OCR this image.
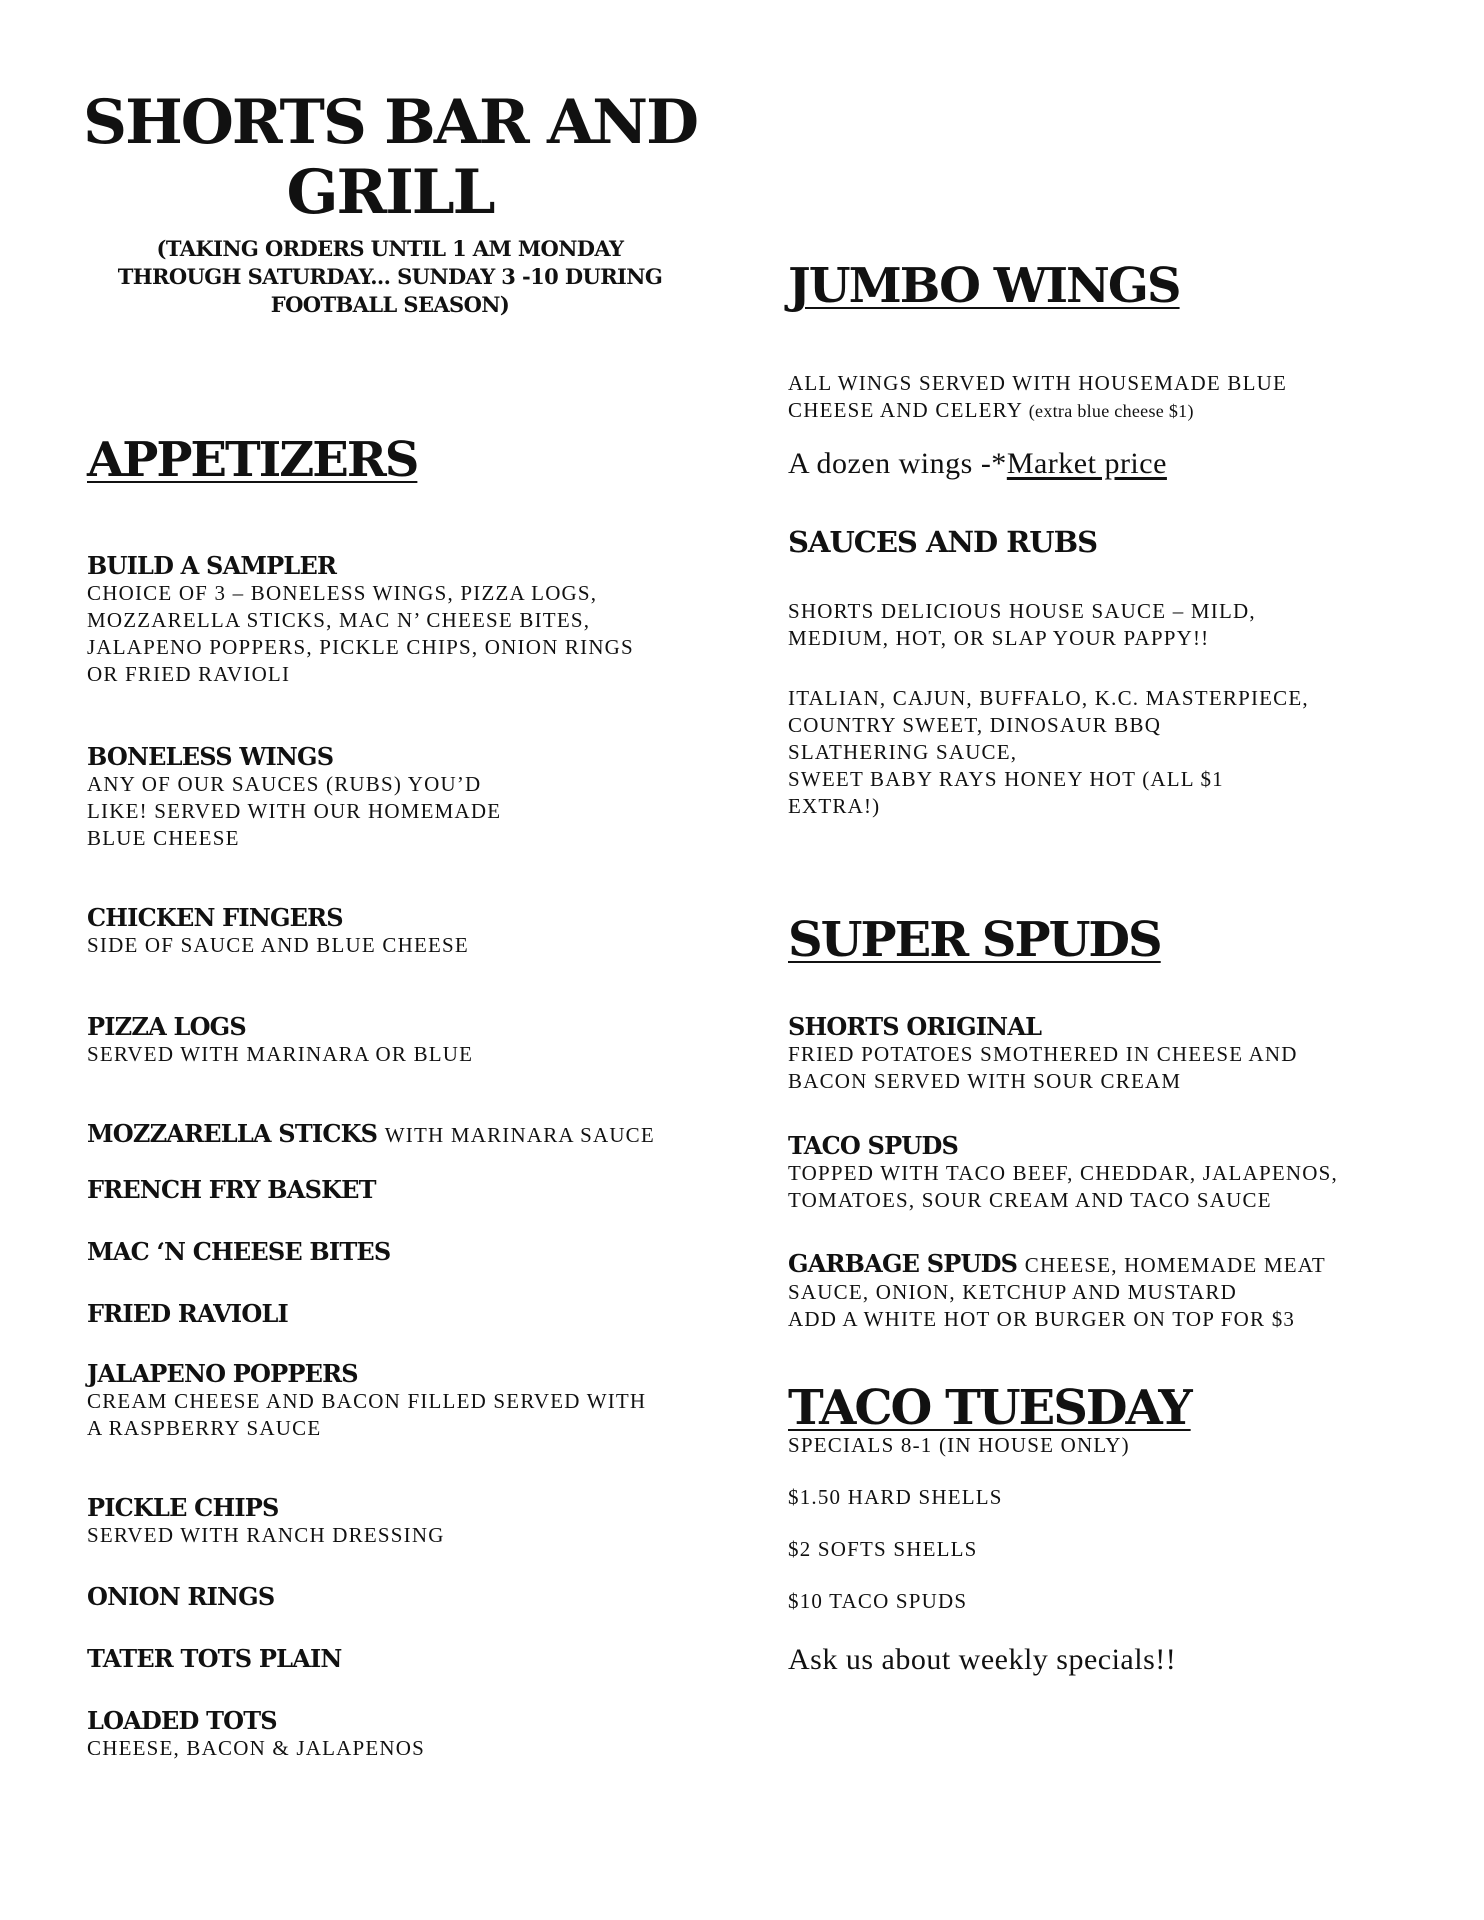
SHORTS BAR AND
GRILL
(TAKING ORDERS UNTIL 1 AM MONDAY
THROUGH SATURDAY... SUNDAY 3 -10 DURING
FOOTBALL SEASON)
APPETIZERS
BUILD A SAMPLER
CHOICE OF 3 – BONELESS WINGS, PIZZA LOGS,
MOZZARELLA STICKS, MAC N’ CHEESE BITES,
JALAPENO POPPERS, PICKLE CHIPS, ONION RINGS
OR FRIED RAVIOLI
BONELESS WINGS
ANY OF OUR SAUCES (RUBS) YOU’D
LIKE! SERVED WITH OUR HOMEMADE
BLUE CHEESE
CHICKEN FINGERS
SIDE OF SAUCE AND BLUE CHEESE
PIZZA LOGS
SERVED WITH MARINARA OR BLUE
MOZZARELLA STICKS WITH MARINARA SAUCE
FRENCH FRY BASKET
MAC ‘N CHEESE BITES
FRIED RAVIOLI
JALAPENO POPPERS
CREAM CHEESE AND BACON FILLED SERVED WITH
A RASPBERRY SAUCE
PICKLE CHIPS
SERVED WITH RANCH DRESSING
ONION RINGS
TATER TOTS PLAIN
LOADED TOTS
CHEESE, BACON & JALAPENOS
JUMBO WINGS
ALL WINGS SERVED WITH HOUSEMADE BLUE
CHEESE AND CELERY (extra blue cheese $1)
A dozen wings -*Market price
SAUCES AND RUBS
SHORTS DELICIOUS HOUSE SAUCE – MILD,
MEDIUM, HOT, OR SLAP YOUR PAPPY!!
ITALIAN, CAJUN, BUFFALO, K.C. MASTERPIECE,
COUNTRY SWEET, DINOSAUR BBQ
SLATHERING SAUCE,
SWEET BABY RAYS HONEY HOT (ALL $1
EXTRA!)
SUPER SPUDS
SHORTS ORIGINAL
FRIED POTATOES SMOTHERED IN CHEESE AND
BACON SERVED WITH SOUR CREAM
TACO SPUDS
TOPPED WITH TACO BEEF, CHEDDAR, JALAPENOS,
TOMATOES, SOUR CREAM AND TACO SAUCE
GARBAGE SPUDS CHEESE, HOMEMADE MEAT
SAUCE, ONION, KETCHUP AND MUSTARD
ADD A WHITE HOT OR BURGER ON TOP FOR $3
TACO TUESDAY
SPECIALS 8-1 (IN HOUSE ONLY)
$1.50 HARD SHELLS
$2 SOFTS SHELLS
$10 TACO SPUDS
Ask us about weekly specials!!
